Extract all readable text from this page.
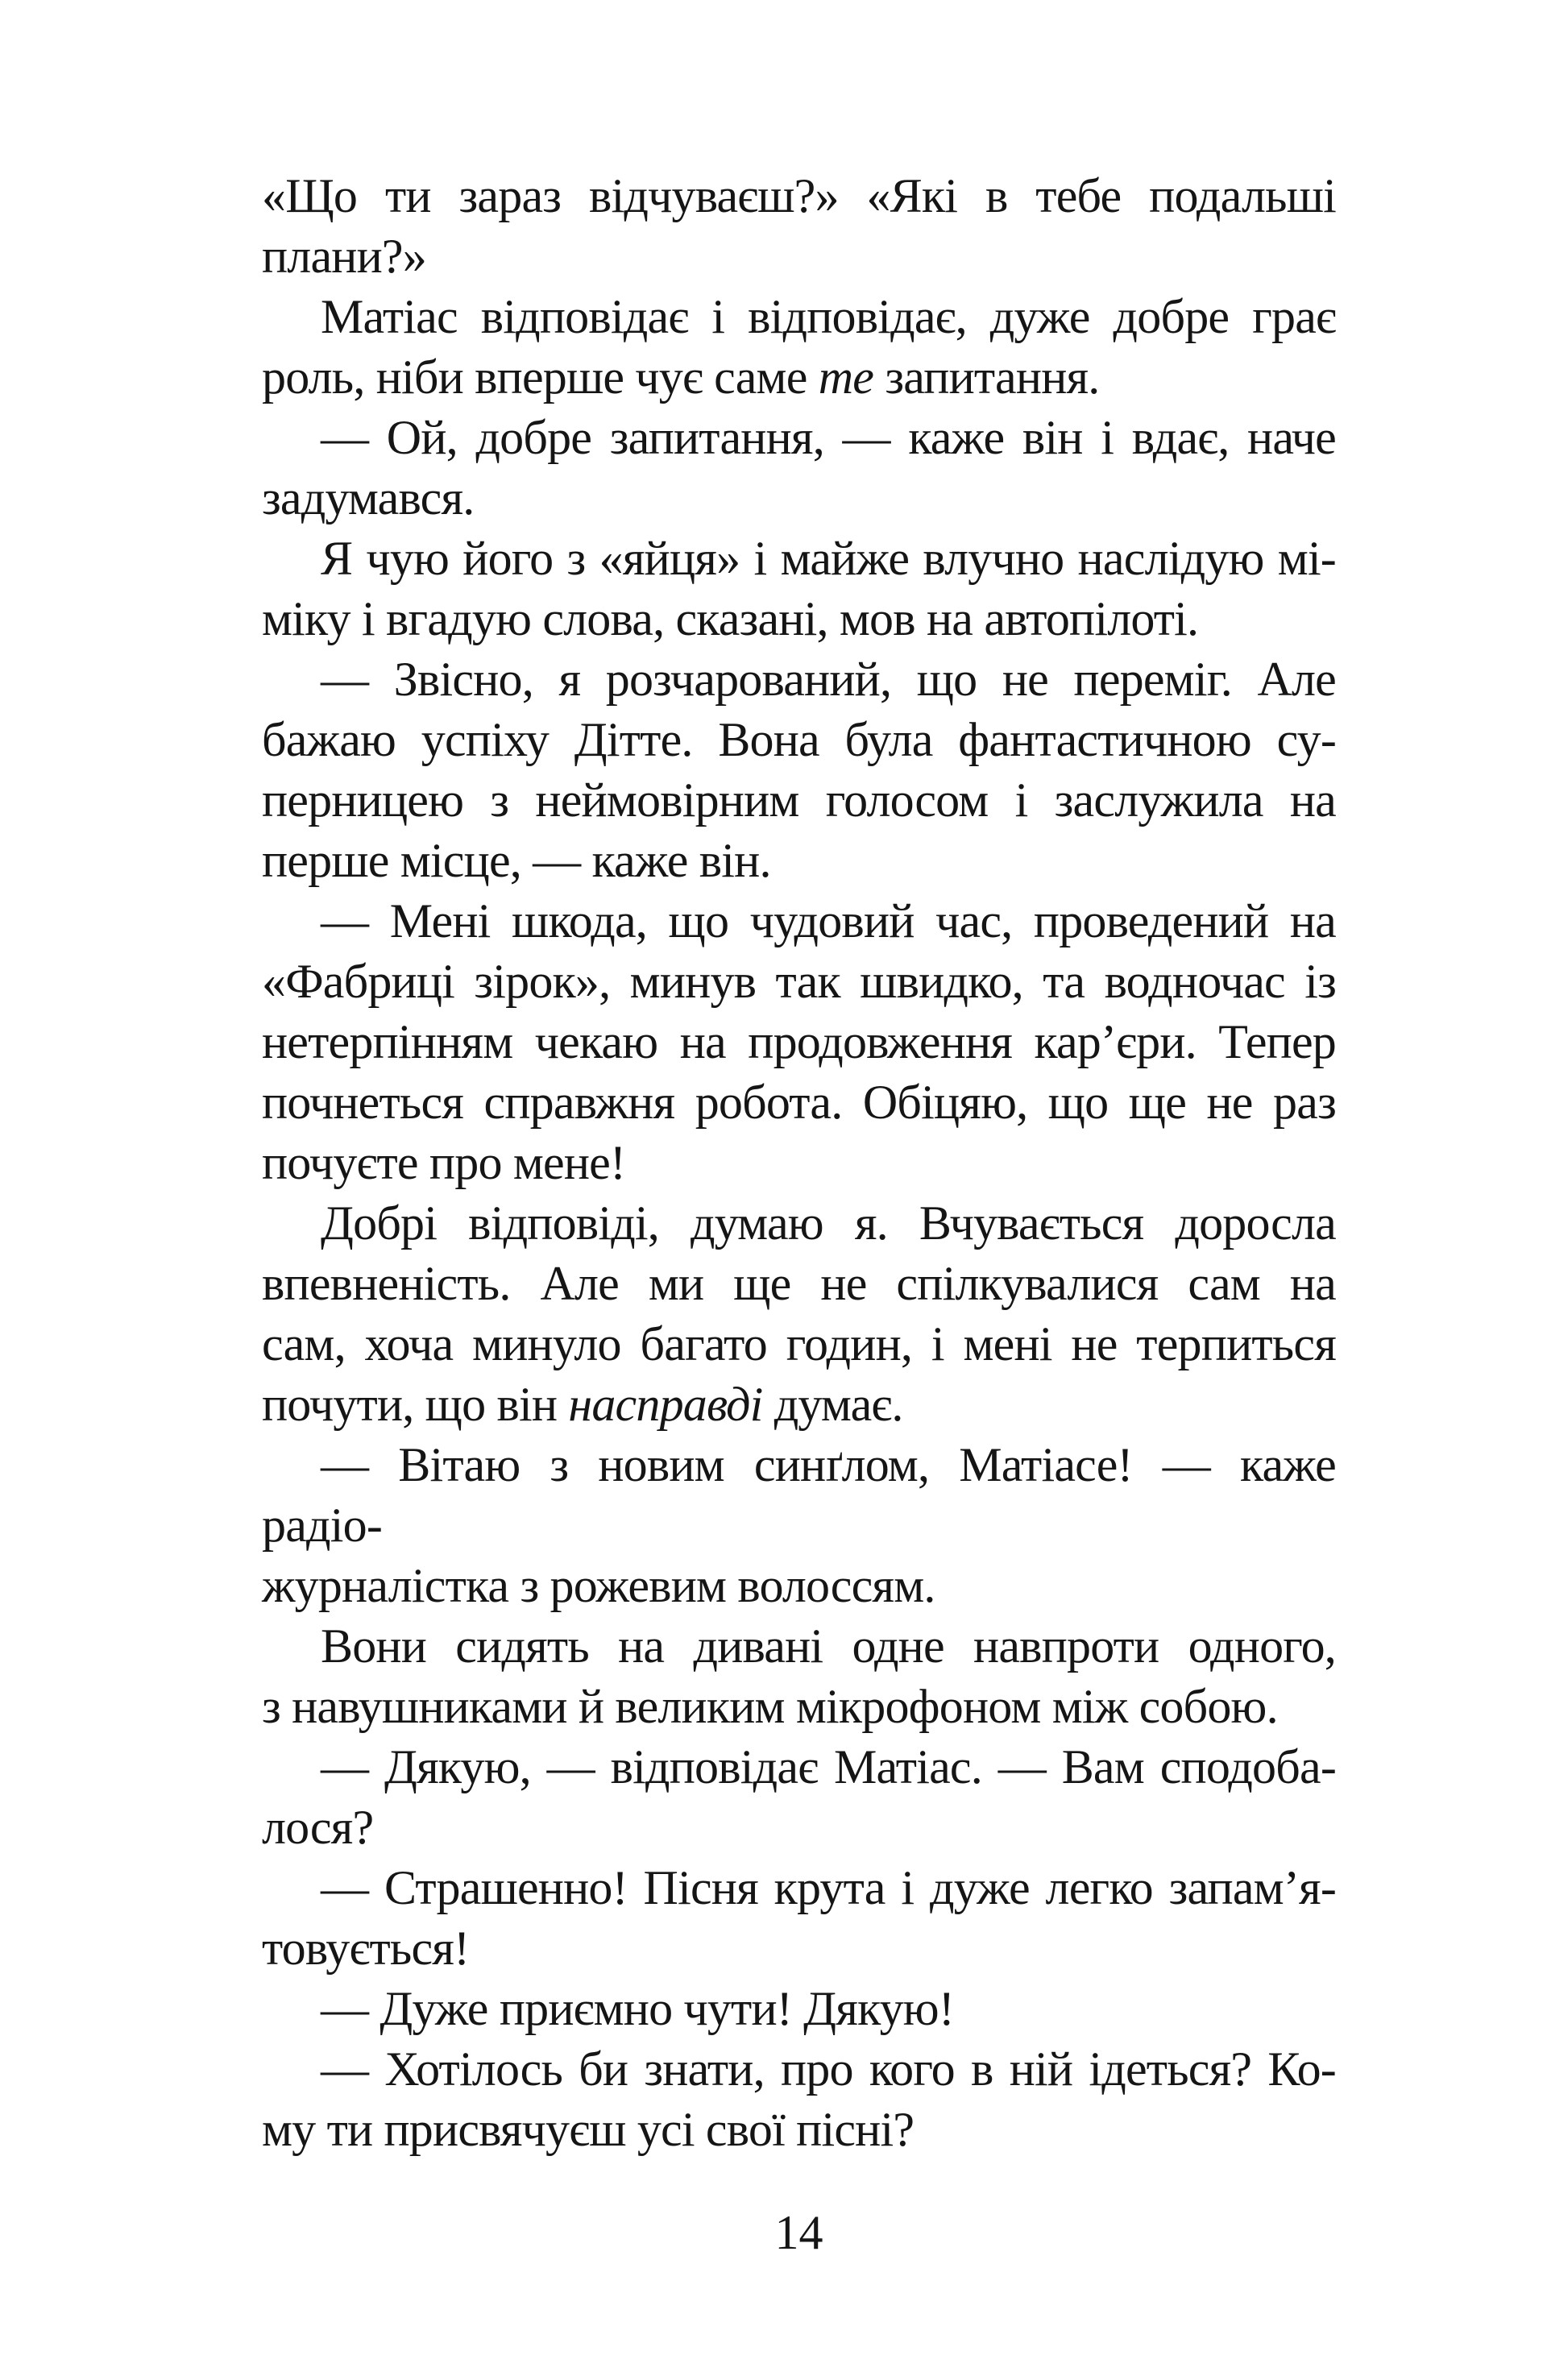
«Що ти зараз відчуваєш?» «Які в тебе подальші
плани?»
Матіас відповідає і відповідає, дуже добре грає
роль, ніби вперше чує саме те запитання.
— Ой, добре запитання, — каже він і вдає, наче
задумався.
Я чую його з «яйця» і майже влучно наслідую мі-
міку і вгадую слова, сказані, мов на автопілоті.
— Звісно, я розчарований, що не переміг. Але
бажаю успіху Дітте. Вона була фантастичною су-
перницею з неймовірним голосом і заслужила на
перше місце, — каже він.
— Мені шкода, що чудовий час, проведений на
«Фабриці зірок», минув так швидко, та водночас із
нетерпінням чекаю на продовження кар’єри. Тепер
почнеться справжня робота. Обіцяю, що ще не раз
почуєте про мене!
Добрі відповіді, думаю я. Вчувається доросла
впевненість. Але ми ще не спілкувалися сам на
сам, хоча минуло багато годин, і мені не терпиться
почути, що він насправді думає.
— Вітаю з новим синґлом, Матіасе! — каже радіо-
журналістка з рожевим волоссям.
Вони сидять на дивані одне навпроти одного,
з навушниками й великим мікрофоном між собою.
— Дякую, — відповідає Матіас. — Вам сподоба-
лося?
— Страшенно! Пісня крута і дуже легко запам’я-
товується!
— Дуже приємно чути! Дякую!
— Хотілось би знати, про кого в ній ідеться? Ко-
му ти присвячуєш усі свої пісні?
14
